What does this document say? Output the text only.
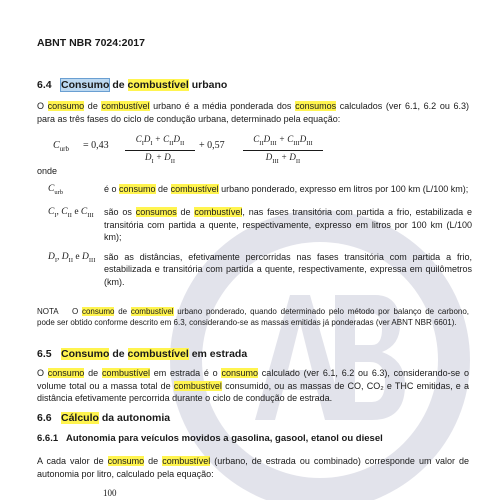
ABNT NBR 7024:2017
6.4 Consumo de combustível urbano
O consumo de combustível urbano é a média ponderada dos consumos calculados (ver 6.1, 6.2 ou 6.3) para as três fases do ciclo de condução urbana, determinado pela equação:
$C_{urb} = 0,43$
$C_ID_I + C_{II}D_{II}$
$D_I + D_{II}$
+ 0,57
$C_{II}D_{III} + C_{III}D_{III}$
$D_{III} + D_{II}$
onde
$C_{urb}$	é o consumo de combustível urbano ponderado, expresso em litros por 100 km (L/100 km);
$C_I$, $C_{II}$ e $C_{III}$	são os consumos de combustível, nas fases transitória com partida a frio, estabilizada e transitória com partida a quente, respectivamente, expresso em litros por 100 km (L/100 km);
$D_I$, $D_{II}$ e $D_{III}$ são as distâncias, efetivamente percorridas nas fases transitória com partida a frio, estabilizada e transitória com partida a quente, respectivamente, expressa em quilômetros (km).
NOTA O consumo de combustível urbano ponderado, quando determinado pelo método por balanço de carbono, pode ser obtido conforme descrito em 6.3, considerando-se as massas emitidas já ponderadas (ver ABNT NBR 6601).
6.5 Consumo de combustível em estrada
O consumo de combustível em estrada é o consumo calculado (ver 6.1, 6.2 ou 6.3), considerando-se o volume total ou a massa total de combustível consumido, ou as massas de CO, CO₂ e THC emitidas, e a distância efetivamente percorrida durante o ciclo de condução de estrada.
6.6 Cálculo da autonomia
6.6.1 Autonomia para veículos movidos a gasolina, gasool, etanol ou diesel
A cada valor de consumo de combustível (urbano, de estrada ou combinado) corresponde um valor de autonomia por litro, calculado pela equação:
100
